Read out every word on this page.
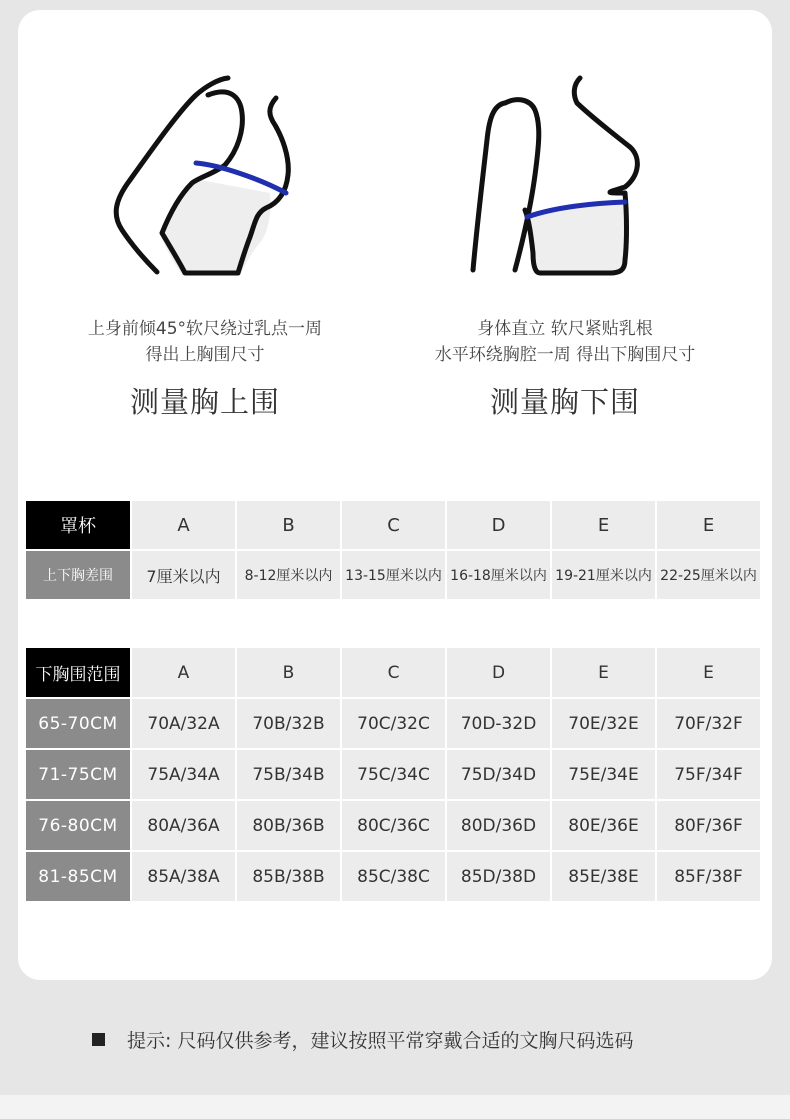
上身前倾45°软尺绕过乳点一周
得出上胸围尺寸
测量胸上围
身体直立 软尺紧贴乳根
水平环绕胸腔一周 得出下胸围尺寸
测量胸下围
罩杯	A	B	C	D	E	E
上下胸差围	7厘米以内	8-12厘米以内	13-15厘米以内	16-18厘米以内	19-21厘米以内	22-25厘米以内
下胸围范围	A	B	C	D	E	E
65-70CM	70A/32A	70B/32B	70C/32C	70D-32D	70E/32E	70F/32F
71-75CM	75A/34A	75B/34B	75C/34C	75D/34D	75E/34E	75F/34F
76-80CM	80A/36A	80B/36B	80C/36C	80D/36D	80E/36E	80F/36F
81-85CM	85A/38A	85B/38B	85C/38C	85D/38D	85E/38E	85F/38F
提示: 尺码仅供参考，建议按照平常穿戴合适的文胸尺码选码
